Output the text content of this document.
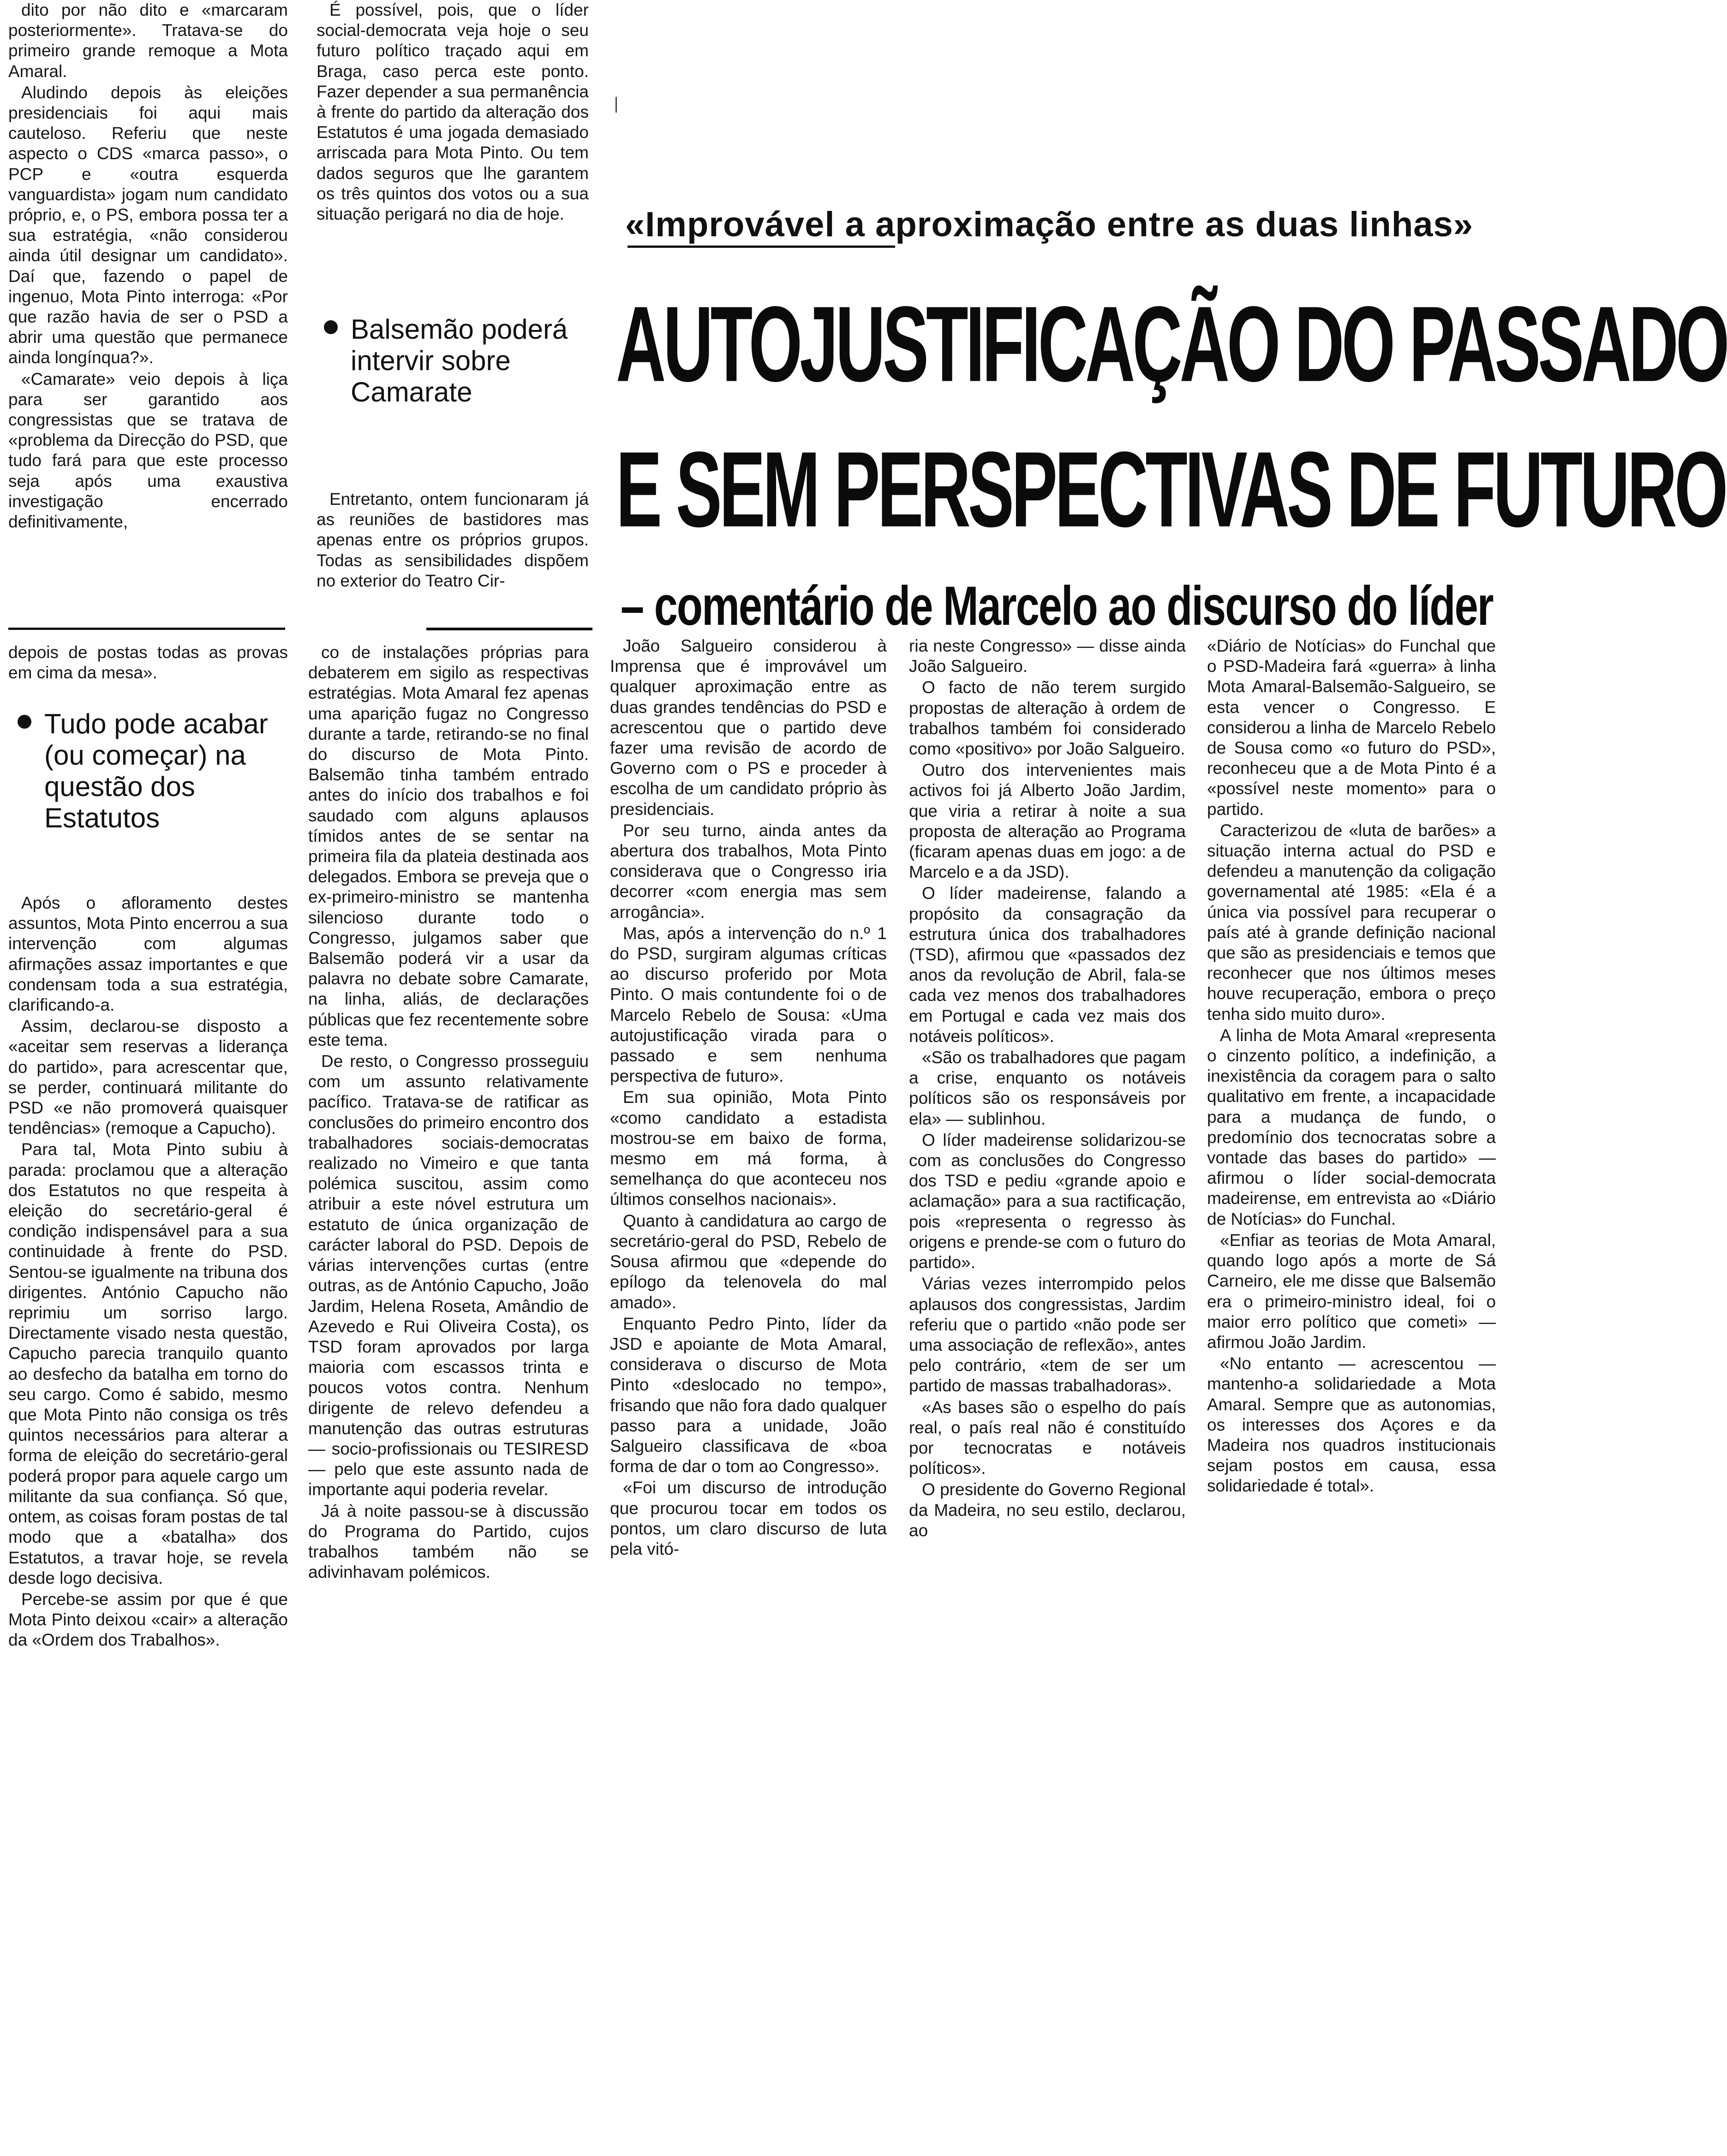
dito por não dito e «marcaram posteriormente». Tratava-se do primeiro grande remoque a Mota Amaral.

Aludindo depois às eleições presidenciais foi aqui mais cauteloso. Referiu que neste aspecto o CDS «marca passo», o PCP e «outra esquerda vanguardista» jogam num candidato próprio, e, o PS, embora possa ter a sua estratégia, «não considerou ainda útil designar um candidato». Daí que, fazendo o papel de ingenuo, Mota Pinto interroga: «Por que razão havia de ser o PSD a abrir uma questão que permanece ainda longínqua?».

«Camarate» veio depois à liça para ser garantido aos congressistas que se tratava de «problema da Direcção do PSD, que tudo fará para que este processo seja após uma exaustiva investigação encerrado definitivamente,

É possível, pois, que o líder social-democrata veja hoje o seu futuro político traçado aqui em Braga, caso perca este ponto. Fazer depender a sua permanência à frente do partido da alteração dos Estatutos é uma jogada demasiado arriscada para Mota Pinto. Ou tem dados seguros que lhe garantem os três quintos dos votos ou a sua situação perigará no dia de hoje.

Balsemão poderá intervir sobre Camarate

Entretanto, ontem funcionaram já as reuniões de bastidores mas apenas entre os próprios grupos. Todas as sensibilidades dispõem no exterior do Teatro Cir-

«Improvável a aproximação entre as duas linhas»
AUTOJUSTIFICAÇÃO DO PASSADO
E SEM PERSPECTIVAS DE FUTURO
– comentário de Marcelo ao discurso do líder

depois de postas todas as provas em cima da mesa».

Tudo pode acabar (ou começar) na questão dos Estatutos

Após o afloramento destes assuntos, Mota Pinto encerrou a sua intervenção com algumas afirmações assaz importantes e que condensam toda a sua estratégia, clarificando-a.

Assim, declarou-se disposto a «aceitar sem reservas a liderança do partido», para acrescentar que, se perder, continuará militante do PSD «e não promoverá quaisquer tendências» (remoque a Capucho).

Para tal, Mota Pinto subiu à parada: proclamou que a alteração dos Estatutos no que respeita à eleição do secretário-geral é condição indispensável para a sua continuidade à frente do PSD. Sentou-se igualmente na tribuna dos dirigentes. António Capucho não reprimiu um sorriso largo. Directamente visado nesta questão, Capucho parecia tranquilo quanto ao desfecho da batalha em torno do seu cargo. Como é sabido, mesmo que Mota Pinto não consiga os três quintos necessários para alterar a forma de eleição do secretário-geral poderá propor para aquele cargo um militante da sua confiança. Só que, ontem, as coisas foram postas de tal modo que a «batalha» dos Estatutos, a travar hoje, se revela desde logo decisiva.

Percebe-se assim por que é que Mota Pinto deixou «cair» a alteração da «Ordem dos Trabalhos».

co de instalações próprias para debaterem em sigilo as respectivas estratégias. Mota Amaral fez apenas uma aparição fugaz no Congresso durante a tarde, retirando-se no final do discurso de Mota Pinto. Balsemão tinha também entrado antes do início dos trabalhos e foi saudado com alguns aplausos tímidos antes de se sentar na primeira fila da plateia destinada aos delegados. Embora se preveja que o ex-primeiro-ministro se mantenha silencioso durante todo o Congresso, julgamos saber que Balsemão poderá vir a usar da palavra no debate sobre Camarate, na linha, aliás, de declarações públicas que fez recentemente sobre este tema.

De resto, o Congresso prosseguiu com um assunto relativamente pacífico. Tratava-se de ratificar as conclusões do primeiro encontro dos trabalhadores sociais-democratas realizado no Vimeiro e que tanta polémica suscitou, assim como atribuir a este nóvel estrutura um estatuto de única organização de carácter laboral do PSD. Depois de várias intervenções curtas (entre outras, as de António Capucho, João Jardim, Helena Roseta, Amândio de Azevedo e Rui Oliveira Costa), os TSD foram aprovados por larga maioria com escassos trinta e poucos votos contra. Nenhum dirigente de relevo defendeu a manutenção das outras estruturas — socio-profissionais ou TESIRESD — pelo que este assunto nada de importante aqui poderia revelar.

Já à noite passou-se à discussão do Programa do Partido, cujos trabalhos também não se adivinhavam polémicos.

João Salgueiro considerou à Imprensa que é improvável um qualquer aproximação entre as duas grandes tendências do PSD e acrescentou que o partido deve fazer uma revisão de acordo de Governo com o PS e proceder à escolha de um candidato próprio às presidenciais.

Por seu turno, ainda antes da abertura dos trabalhos, Mota Pinto considerava que o Congresso iria decorrer «com energia mas sem arrogância».

Mas, após a intervenção do n.º 1 do PSD, surgiram algumas críticas ao discurso proferido por Mota Pinto. O mais contundente foi o de Marcelo Rebelo de Sousa: «Uma autojustificação virada para o passado e sem nenhuma perspectiva de futuro».

Em sua opinião, Mota Pinto «como candidato a estadista mostrou-se em baixo de forma, mesmo em má forma, à semelhança do que aconteceu nos últimos conselhos nacionais».

Quanto à candidatura ao cargo de secretário-geral do PSD, Rebelo de Sousa afirmou que «depende do epílogo da telenovela do mal amado».

Enquanto Pedro Pinto, líder da JSD e apoiante de Mota Amaral, considerava o discurso de Mota Pinto «deslocado no tempo», frisando que não fora dado qualquer passo para a unidade, João Salgueiro classificava de «boa forma de dar o tom ao Congresso».

«Foi um discurso de introdução que procurou tocar em todos os pontos, um claro discurso de luta pela vitó-

ria neste Congresso» — disse ainda João Salgueiro.

O facto de não terem surgido propostas de alteração à ordem de trabalhos também foi considerado como «positivo» por João Salgueiro.

Outro dos intervenientes mais activos foi já Alberto João Jardim, que viria a retirar à noite a sua proposta de alteração ao Programa (ficaram apenas duas em jogo: a de Marcelo e a da JSD).

O líder madeirense, falando a propósito da consagração da estrutura única dos trabalhadores (TSD), afirmou que «passados dez anos da revolução de Abril, fala-se cada vez menos dos trabalhadores em Portugal e cada vez mais dos notáveis políticos».

«São os trabalhadores que pagam a crise, enquanto os notáveis políticos são os responsáveis por ela» — sublinhou.

O líder madeirense solidarizou-se com as conclusões do Congresso dos TSD e pediu «grande apoio e aclamação» para a sua ractificação, pois «representa o regresso às origens e prende-se com o futuro do partido».

Várias vezes interrompido pelos aplausos dos congressistas, Jardim referiu que o partido «não pode ser uma associação de reflexão», antes pelo contrário, «tem de ser um partido de massas trabalhadoras».

«As bases são o espelho do país real, o país real não é constituído por tecnocratas e notáveis políticos».

O presidente do Governo Regional da Madeira, no seu estilo, declarou, ao

«Diário de Notícias» do Funchal que o PSD-Madeira fará «guerra» à linha Mota Amaral-Balsemão-Salgueiro, se esta vencer o Congresso. E considerou a linha de Marcelo Rebelo de Sousa como «o futuro do PSD», reconheceu que a de Mota Pinto é a «possível neste momento» para o partido.

Caracterizou de «luta de barões» a situação interna actual do PSD e defendeu a manutenção da coligação governamental até 1985: «Ela é a única via possível para recuperar o país até à grande definição nacional que são as presidenciais e temos que reconhecer que nos últimos meses houve recuperação, embora o preço tenha sido muito duro».

A linha de Mota Amaral «representa o cinzento político, a indefinição, a inexistência da coragem para o salto qualitativo em frente, a incapacidade para a mudança de fundo, o predomínio dos tecnocratas sobre a vontade das bases do partido» — afirmou o líder social-democrata madeirense, em entrevista ao «Diário de Notícias» do Funchal.

«Enfiar as teorias de Mota Amaral, quando logo após a morte de Sá Carneiro, ele me disse que Balsemão era o primeiro-ministro ideal, foi o maior erro político que cometi» — afirmou João Jardim.

«No entanto — acrescentou — mantenho-a solidariedade a Mota Amaral. Sempre que as autonomias, os interesses dos Açores e da Madeira nos quadros institucionais sejam postos em causa, essa solidariedade é total».
